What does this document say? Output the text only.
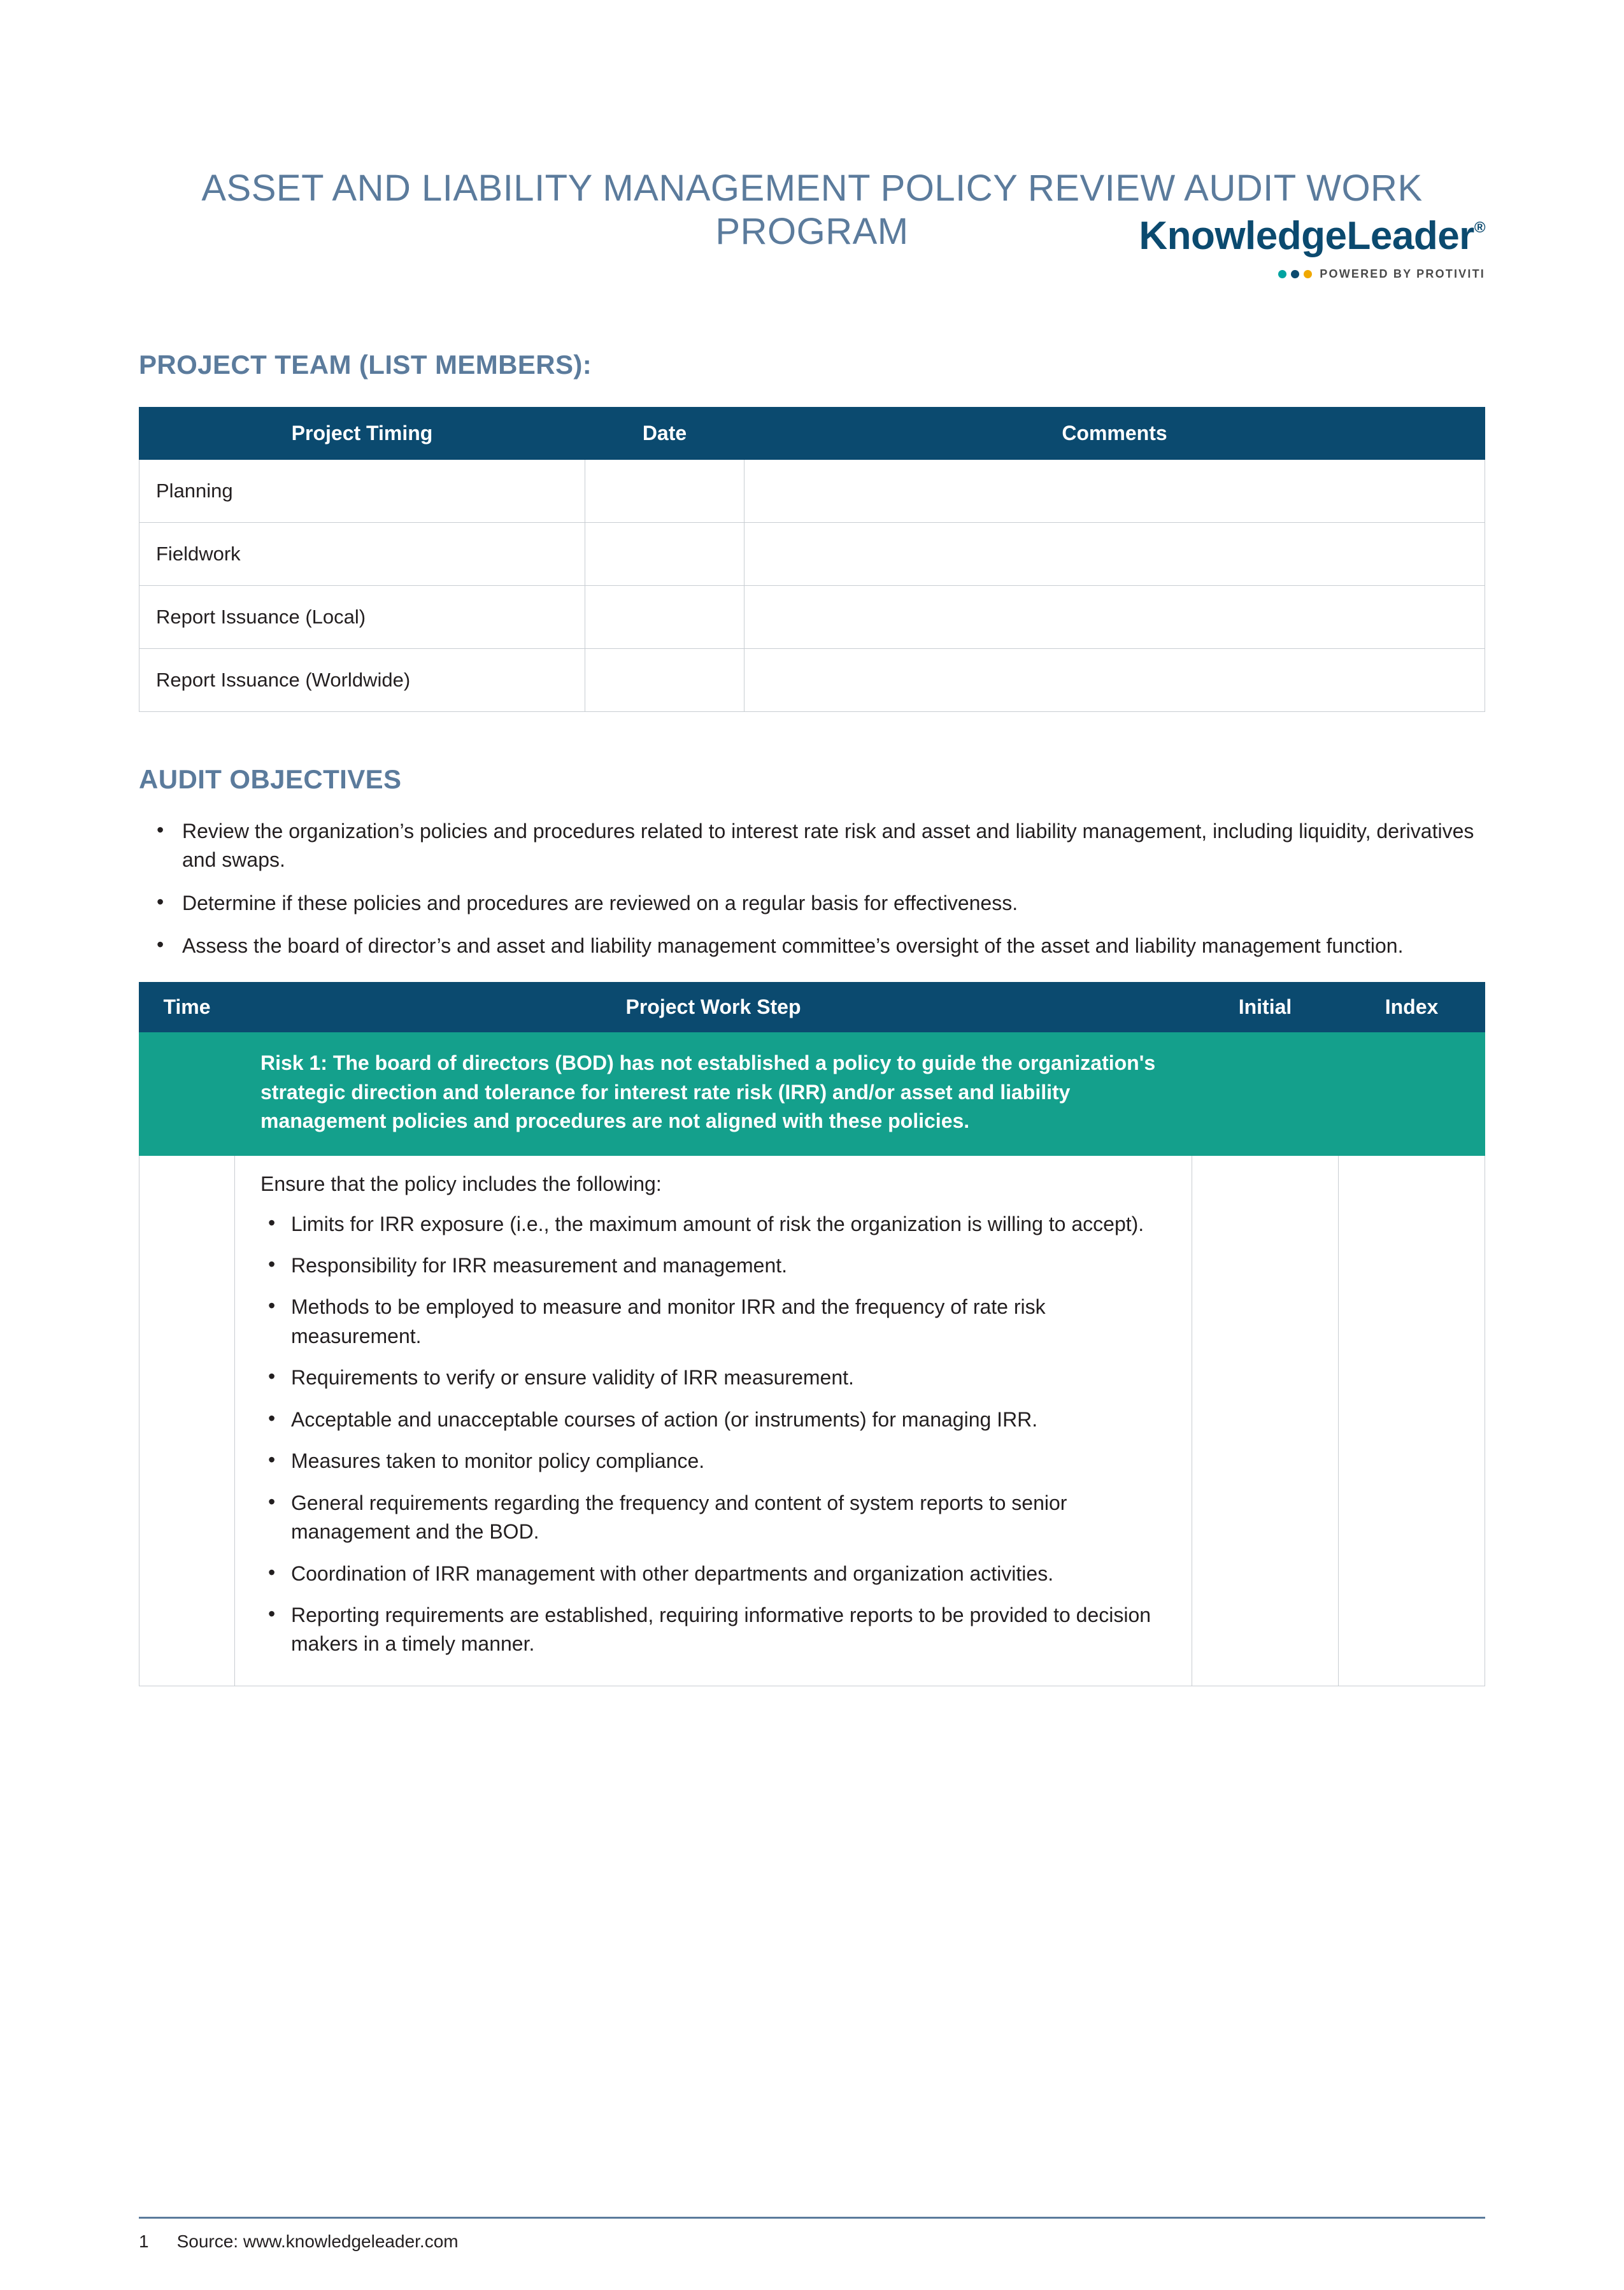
KnowledgeLeader®
POWERED BY PROTIVITI
ASSET AND LIABILITY MANAGEMENT POLICY REVIEW AUDIT WORK PROGRAM
PROJECT TEAM (LIST MEMBERS):
Project Timing	Date	Comments
Planning		
Fieldwork		
Report Issuance (Local)		
Report Issuance (Worldwide)		
AUDIT OBJECTIVES
• Review the organization’s policies and procedures related to interest rate risk and asset and liability management, including liquidity, derivatives and swaps.
• Determine if these policies and procedures are reviewed on a regular basis for effectiveness.
• Assess the board of director’s and asset and liability management committee’s oversight of the asset and liability management function.
Time	Project Work Step	Initial	Index
	Risk 1: The board of directors (BOD) has not established a policy to guide the organization's strategic direction and tolerance for interest rate risk (IRR) and/or asset and liability management policies and procedures are not aligned with these policies.		

Ensure that the policy includes the following:
• Limits for IRR exposure (i.e., the maximum amount of risk the organization is willing to accept).
• Responsibility for IRR measurement and management.
• Methods to be employed to measure and monitor IRR and the frequency of rate risk measurement.
• Requirements to verify or ensure validity of IRR measurement.
• Acceptable and unacceptable courses of action (or instruments) for managing IRR.
• Measures taken to monitor policy compliance.
• General requirements regarding the frequency and content of system reports to senior management and the BOD.
• Coordination of IRR management with other departments and organization activities.
• Reporting requirements are established, requiring informative reports to be provided to decision makers in a timely manner.

1 Source: www.knowledgeleader.com
